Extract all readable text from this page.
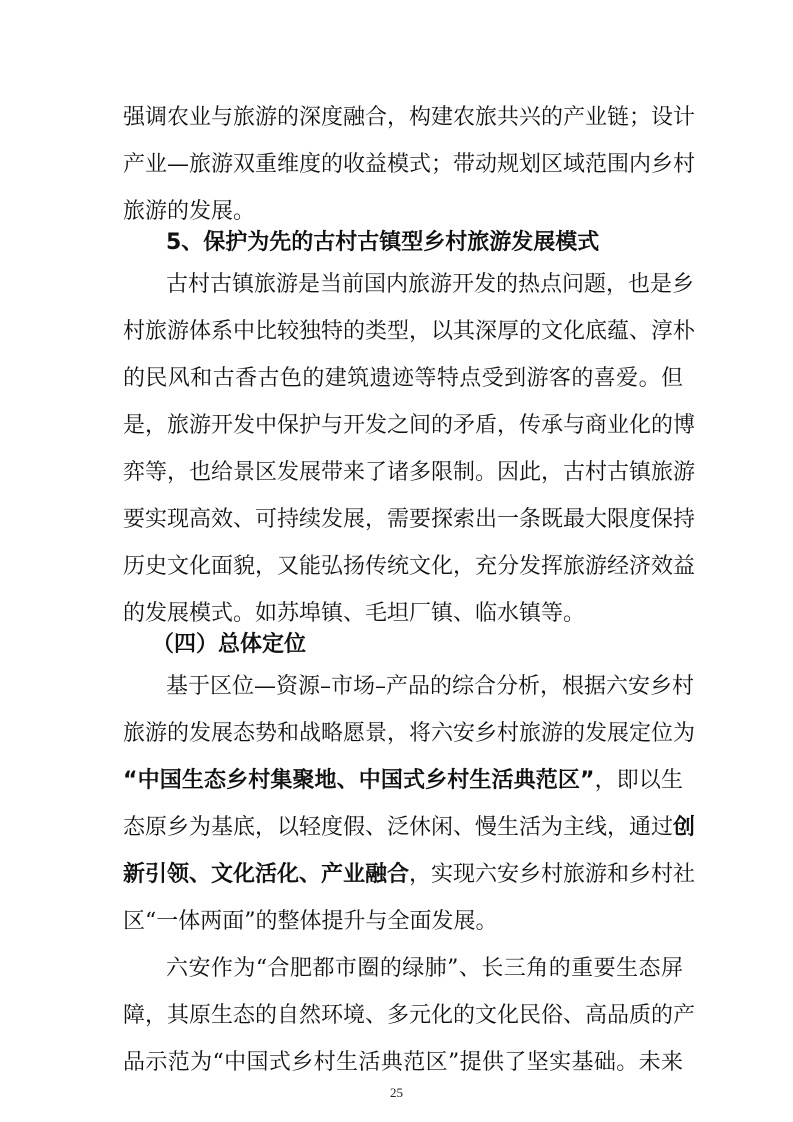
强调农业与旅游的深度融合，构建农旅共兴的产业链；设计
产业—旅游双重维度的收益模式；带动规划区域范围内乡村
旅游的发展。
5、保护为先的古村古镇型乡村旅游发展模式
古村古镇旅游是当前国内旅游开发的热点问题，也是乡
村旅游体系中比较独特的类型，以其深厚的文化底蕴、淳朴
的民风和古香古色的建筑遗迹等特点受到游客的喜爱。但
是，旅游开发中保护与开发之间的矛盾，传承与商业化的博
弈等，也给景区发展带来了诸多限制。因此，古村古镇旅游
要实现高效、可持续发展，需要探索出一条既最大限度保持
历史文化面貌，又能弘扬传统文化，充分发挥旅游经济效益
的发展模式。如苏埠镇、毛坦厂镇、临水镇等。
（四）总体定位
基于区位—资源–市场–产品的综合分析，根据六安乡村
旅游的发展态势和战略愿景，将六安乡村旅游的发展定位为
“中国生态乡村集聚地、中国式乡村生活典范区”，即以生
态原乡为基底，以轻度假、泛休闲、慢生活为主线，通过创
新引领、文化活化、产业融合，实现六安乡村旅游和乡村社
区“一体两面”的整体提升与全面发展。
六安作为“合肥都市圈的绿肺”、长三角的重要生态屏
障，其原生态的自然环境、多元化的文化民俗、高品质的产
品示范为“中国式乡村生活典范区”提供了坚实基础。未来
25
